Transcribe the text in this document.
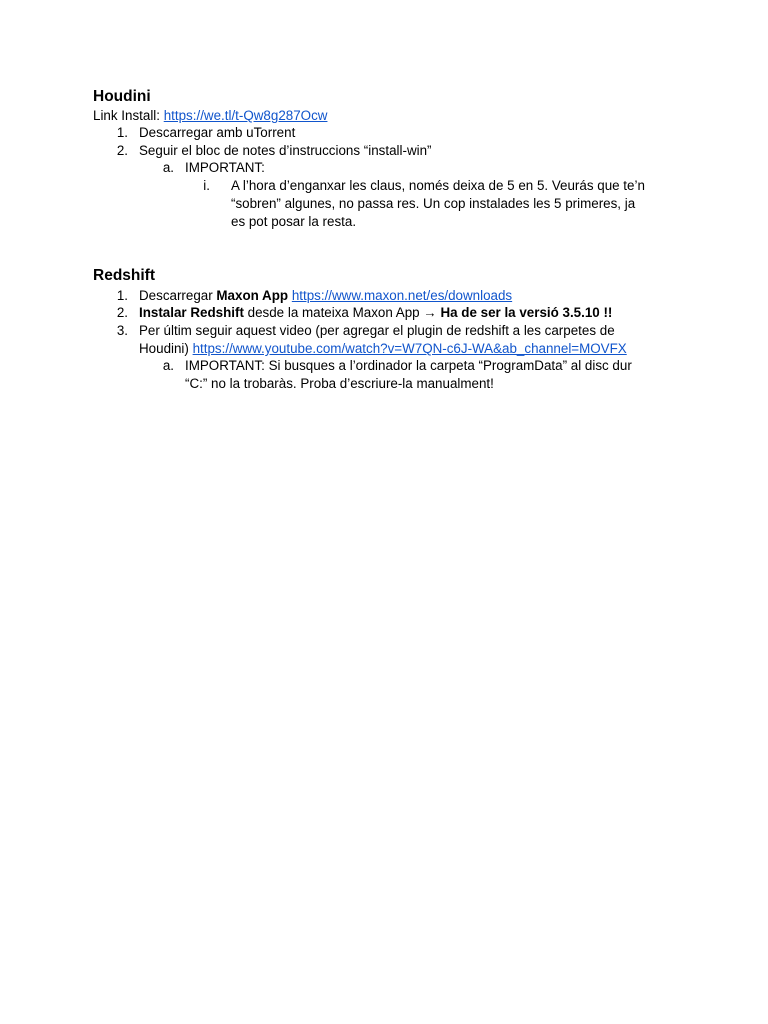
Houdini
Link Install: https://we.tl/t-Qw8g287Ocw
1. Descarregar amb uTorrent
2. Seguir el bloc de notes d’instruccions “install-win”
a. IMPORTANT:
i. A l’hora d’enganxar les claus, només deixa de 5 en 5. Veurás que te’n
“sobren” algunes, no passa res. Un cop instalades les 5 primeres, ja
es pot posar la resta.
Redshift
1. Descarregar Maxon App https://www.maxon.net/es/downloads
2. Instalar Redshift desde la mateixa Maxon App → Ha de ser la versió 3.5.10 !!
3. Per últim seguir aquest video (per agregar el plugin de redshift a les carpetes de
Houdini) https://www.youtube.com/watch?v=W7QN-c6J-WA&ab_channel=MOVFX
a. IMPORTANT: Si busques a l’ordinador la carpeta “ProgramData” al disc dur
“C:” no la trobaràs. Proba d’escriure-la manualment!
